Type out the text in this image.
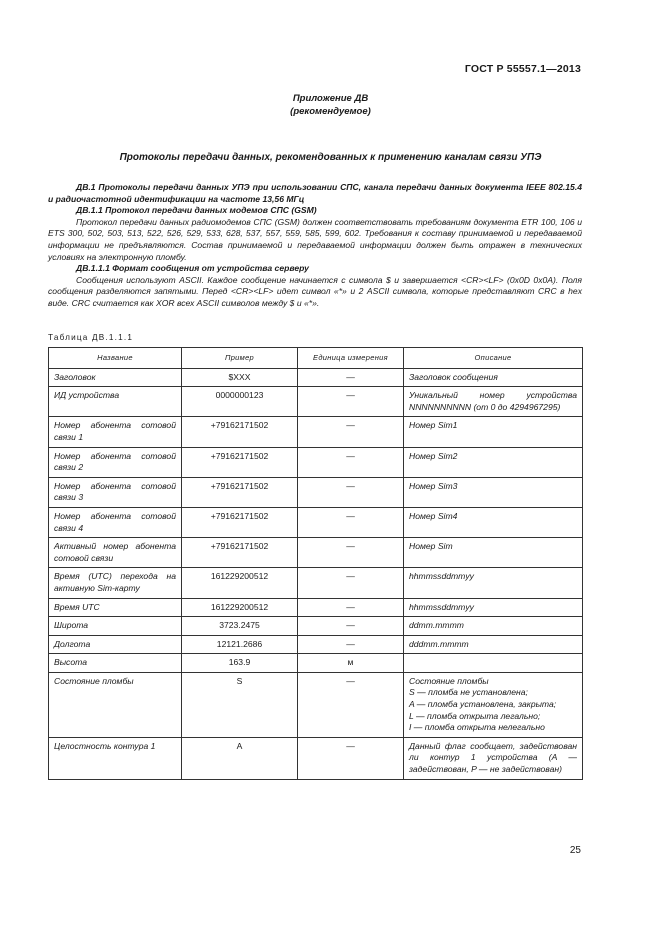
ГОСТ Р 55557.1—2013
Приложение ДВ
(рекомендуемое)
Протоколы передачи данных, рекомендованных к применению каналам связи УПЭ

ДВ.1 Протоколы передачи данных УПЭ при использовании СПС, канала передачи данных документа IEEE 802.15.4 и радиочастотной идентификации на частоте 13,56 МГц

ДВ.1.1 Протокол передачи данных модемов СПС (GSM)

Протокол передачи данных радиомодемов СПС (GSM) должен соответствовать требованиям документа ETR 100, 106 и ETS 300, 502, 503, 513, 522, 526, 529, 533, 628, 537, 557, 559, 585, 599, 602. Требования к составу принимаемой и передаваемой информации не предъявляются. Состав принимаемой и передаваемой информации должен быть отражен в технических условиях на электронную пломбу.

ДВ.1.1.1 Формат сообщения от устройства серверу

Сообщения используют ASCII. Каждое сообщение начинается с символа $ и завершается <CR><LF> (0x0D 0x0A). Поля сообщения разделяются запятыми. Перед <CR><LF> идет символ «*» и 2 ASCII символа, которые представляют CRC в hex виде. CRC считается как XOR всех ASCII символов между $ и «*».

Таблица ДВ.1.1.1
Название	Пример	Единица измерения	Описание
Заголовок	$XXX	—	Заголовок сообщения

ИД устройства	0000000123	—	Уникальный номер устройства NNNNNNNNNN (от 0 до 4294967295)

Номер абонента сотовой связи 1	+79162171502	—	Номер Sim1

Номер абонента сотовой связи 2	+79162171502	—	Номер Sim2

Номер абонента сотовой связи 3	+79162171502	—	Номер Sim3

Номер абонента сотовой связи 4	+79162171502	—	Номер Sim4

Активный номер абонента сотовой связи	+79162171502	—	Номер Sim

Время (UTC) перехода на активную Sim-карту	161229200512	—	hhmmssddmmyy

Время UTC	161229200512	—	hhmmssddmmyy

Широта	3723.2475	—	ddmm.mmmm

Долгота	12121.2686	—	dddmm.mmmm

Высота	163.9	м	

Состояние пломбы	S	—	Состояние пломбы
S — пломба не установлена;
A — пломба установлена, закрыта;
L — пломба открыта легально;
I — пломба открыта нелегально

Целостность контура 1	A	—	Данный флаг сообщает, задействован ли контур 1 устройства (A — задействован, P — не задействован)
25
